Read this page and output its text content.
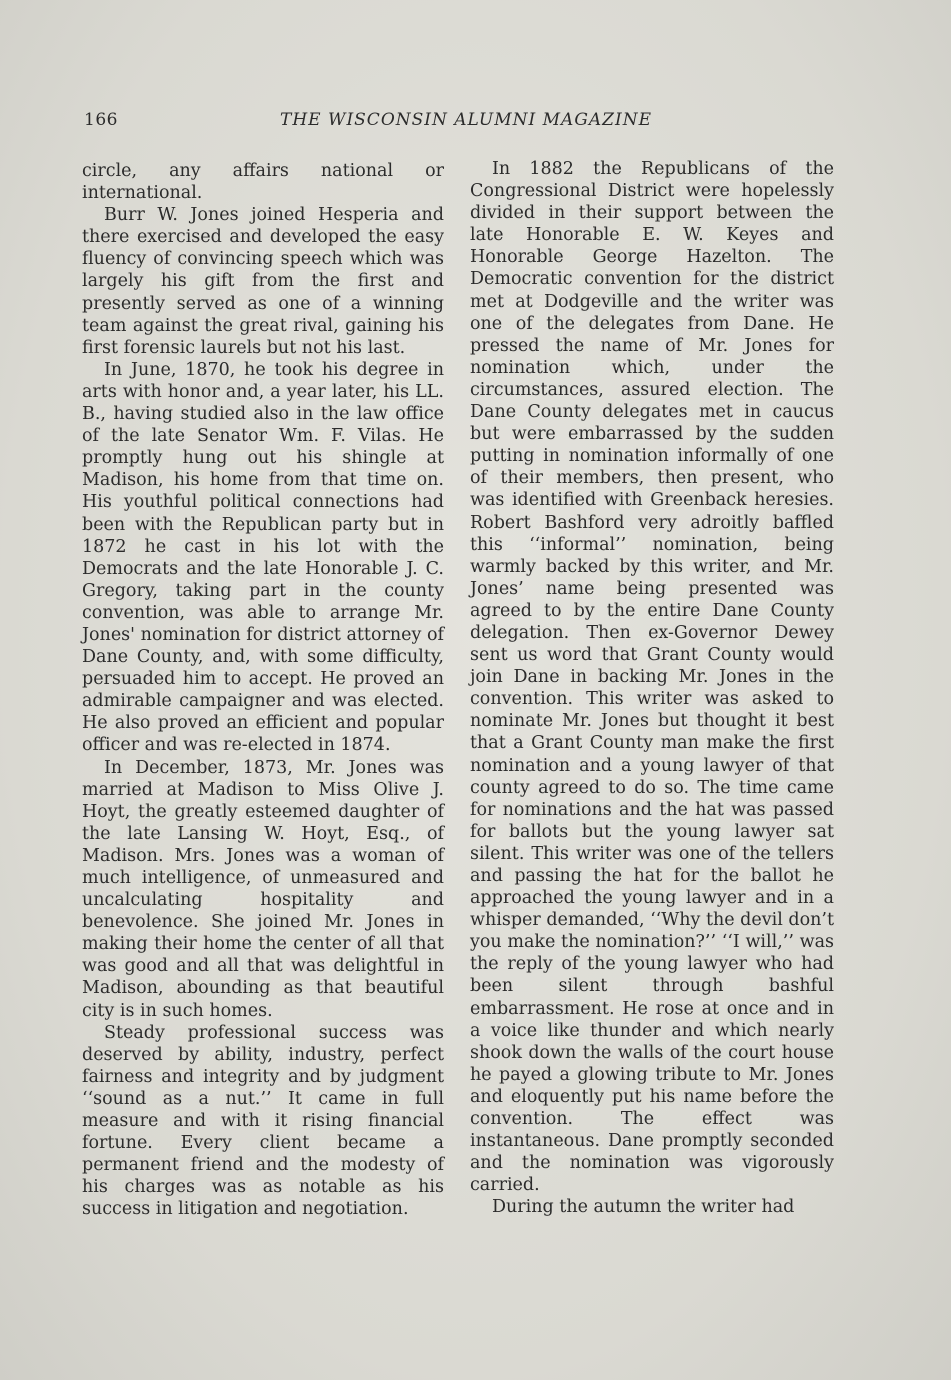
166	THE WISCONSIN ALUMNI MAGAZINE

circle, any affairs national or international.

Burr W. Jones joined Hesperia and there exercised and developed the easy fluency of convincing speech which was largely his gift from the first and presently served as one of a winning team against the great rival, gaining his first forensic laurels but not his last.

In June, 1870, he took his degree in arts with honor and, a year later, his LL. B., having studied also in the law office of the late Senator Wm. F. Vilas. He promptly hung out his shingle at Madison, his home from that time on. His youthful political connections had been with the Republican party but in 1872 he cast in his lot with the Democrats and the late Honorable J. C. Gregory, taking part in the county convention, was able to arrange Mr. Jones' nomination for district attorney of Dane County, and, with some difficulty, persuaded him to accept. He proved an admirable campaigner and was elected. He also proved an efficient and popular officer and was re-elected in 1874.

In December, 1873, Mr. Jones was married at Madison to Miss Olive J. Hoyt, the greatly esteemed daughter of the late Lansing W. Hoyt, Esq., of Madison. Mrs. Jones was a woman of much intelligence, of unmeasured and uncalculating hospitality and benevolence. She joined Mr. Jones in making their home the center of all that was good and all that was delightful in Madison, abounding as that beautiful city is in such homes.

Steady professional success was deserved by ability, industry, perfect fairness and integrity and by judgment ‘‘sound as a nut.’’ It came in full measure and with it rising financial fortune. Every client became a permanent friend and the modesty of his charges was as notable as his success in litigation and negotiation.

In 1882 the Republicans of the Congressional District were hopelessly divided in their support between the late Honorable E. W. Keyes and Honorable George Hazelton. The Democratic convention for the district met at Dodgeville and the writer was one of the delegates from Dane. He pressed the name of Mr. Jones for nomination which, under the circumstances, assured election. The Dane County delegates met in caucus but were embarrassed by the sudden putting in nomination informally of one of their members, then present, who was identified with Greenback heresies. Robert Bashford very adroitly baffled this ‘‘informal’’ nomination, being warmly backed by this writer, and Mr. Jones’ name being presented was agreed to by the entire Dane County delegation. Then ex-Governor Dewey sent us word that Grant County would join Dane in backing Mr. Jones in the convention. This writer was asked to nominate Mr. Jones but thought it best that a Grant County man make the first nomination and a young lawyer of that county agreed to do so. The time came for nominations and the hat was passed for ballots but the young lawyer sat silent. This writer was one of the tellers and passing the hat for the ballot he approached the young lawyer and in a whisper demanded, ‘‘Why the devil don’t you make the nomination?’’ ‘‘I will,’’ was the reply of the young lawyer who had been silent through bashful embarrassment. He rose at once and in a voice like thunder and which nearly shook down the walls of the court house he payed a glowing tribute to Mr. Jones and eloquently put his name before the convention. The effect was instantaneous. Dane promptly seconded and the nomination was vigorously carried.

During the autumn the writer had
